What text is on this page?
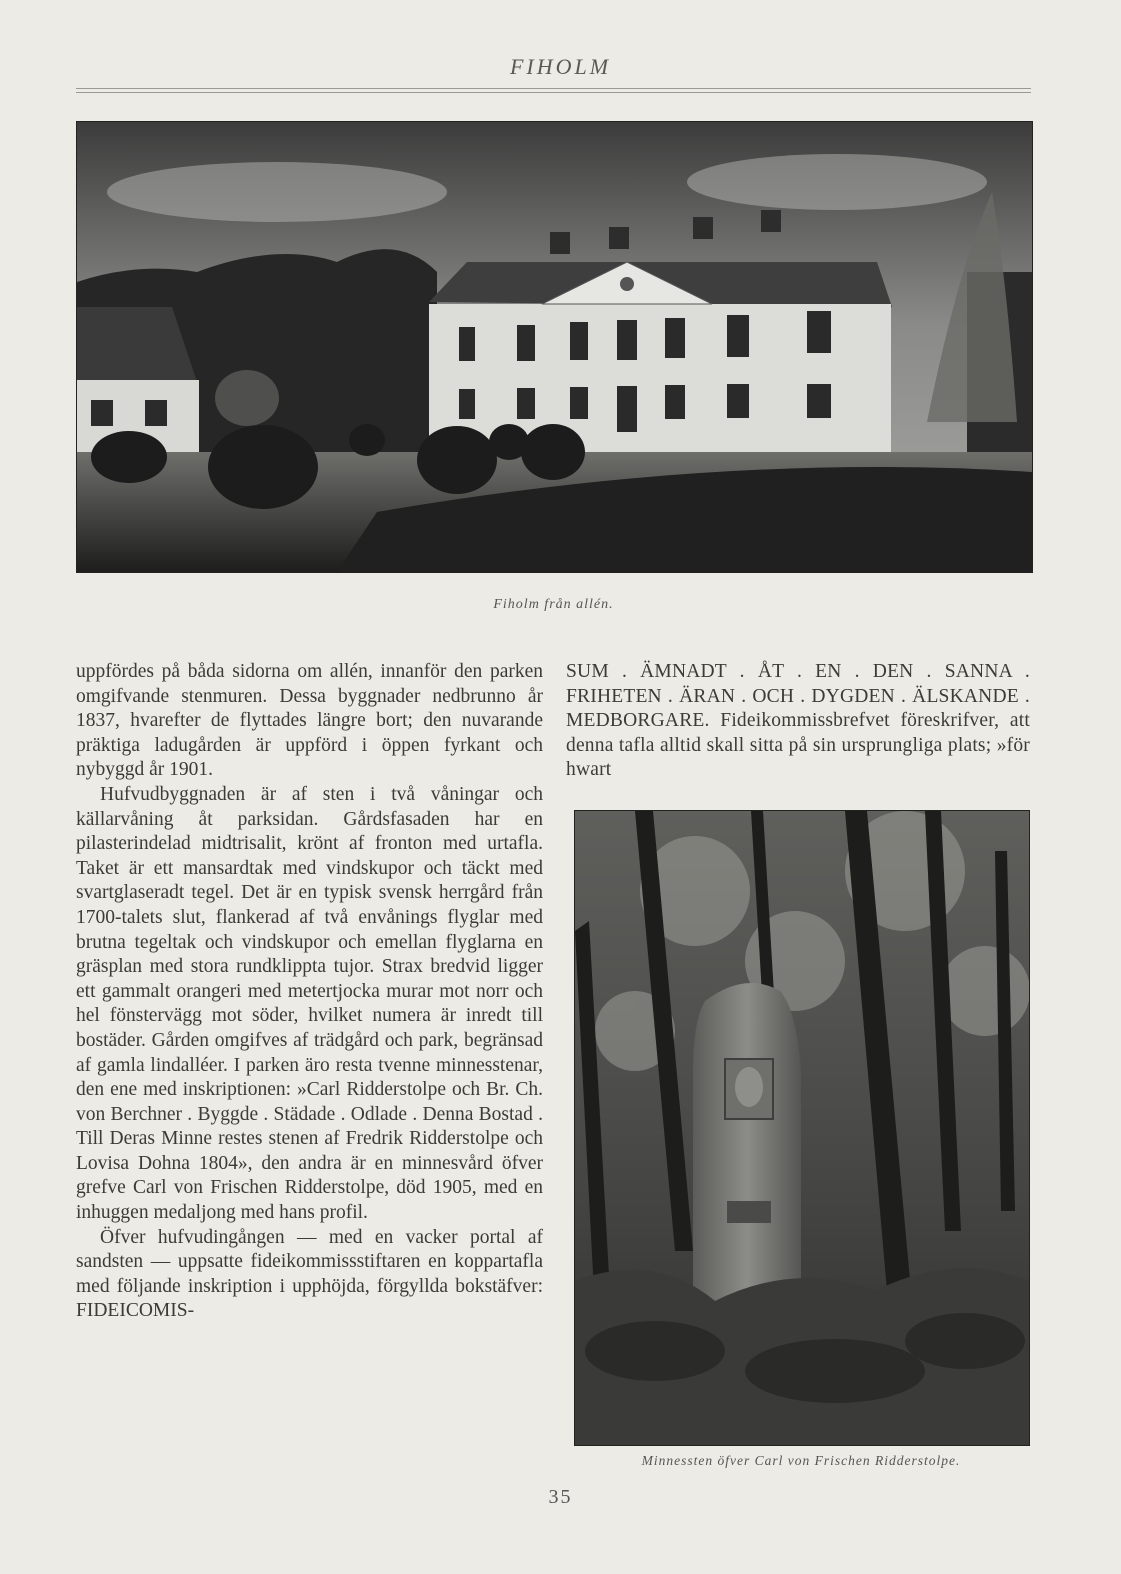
FIHOLM
Fiholm från allén.

uppfördes på båda sidorna om allén, innanför den parken omgifvande stenmuren. Dessa byggnader nedbrunno år 1837, hvarefter de flyttades längre bort; den nuvarande präktiga ladugården är uppförd i öppen fyrkant och nybyggd år 1901.

Hufvudbyggnaden är af sten i två våningar och källarvåning åt parksidan. Gårdsfasaden har en pilasterindelad midtrisalit, krönt af fronton med urtafla. Taket är ett mansardtak med vindskupor och täckt med svartglaseradt tegel. Det är en typisk svensk herrgård från 1700-talets slut, flankerad af två envånings flyglar med brutna tegeltak och vindskupor och emellan flyglarna en gräsplan med stora rundklippta tujor. Strax bredvid ligger ett gammalt orangeri med metertjocka murar mot norr och hel fönstervägg mot söder, hvilket numera är inredt till bostäder. Gården omgifves af trädgård och park, begränsad af gamla lindalléer. I parken äro resta tvenne minnesstenar, den ene med inskriptionen: »Carl Ridderstolpe och Br. Ch. von Berchner . Byggde . Städade . Odlade . Denna Bostad . Till Deras Minne restes stenen af Fredrik Ridderstolpe och Lovisa Dohna 1804», den andra är en minnesvård öfver grefve Carl von Frischen Ridderstolpe, död 1905, med en inhuggen medaljong med hans profil.

Öfver hufvudingången — med en vacker portal af sandsten — uppsatte fideikommissstiftaren en koppartafla med följande inskription i upphöjda, förgyllda bokstäfver: FIDEICOMIS-

SUM . ÄMNADT . ÅT . EN . DEN . SANNA . FRIHETEN . ÄRAN . OCH . DYGDEN . ÄLSKANDE . MEDBORGARE. Fideikommissbrefvet föreskrifver, att denna tafla alltid skall sitta på sin ursprungliga plats; »för hwart

Minnessten öfver Carl von Frischen Ridderstolpe.
35
